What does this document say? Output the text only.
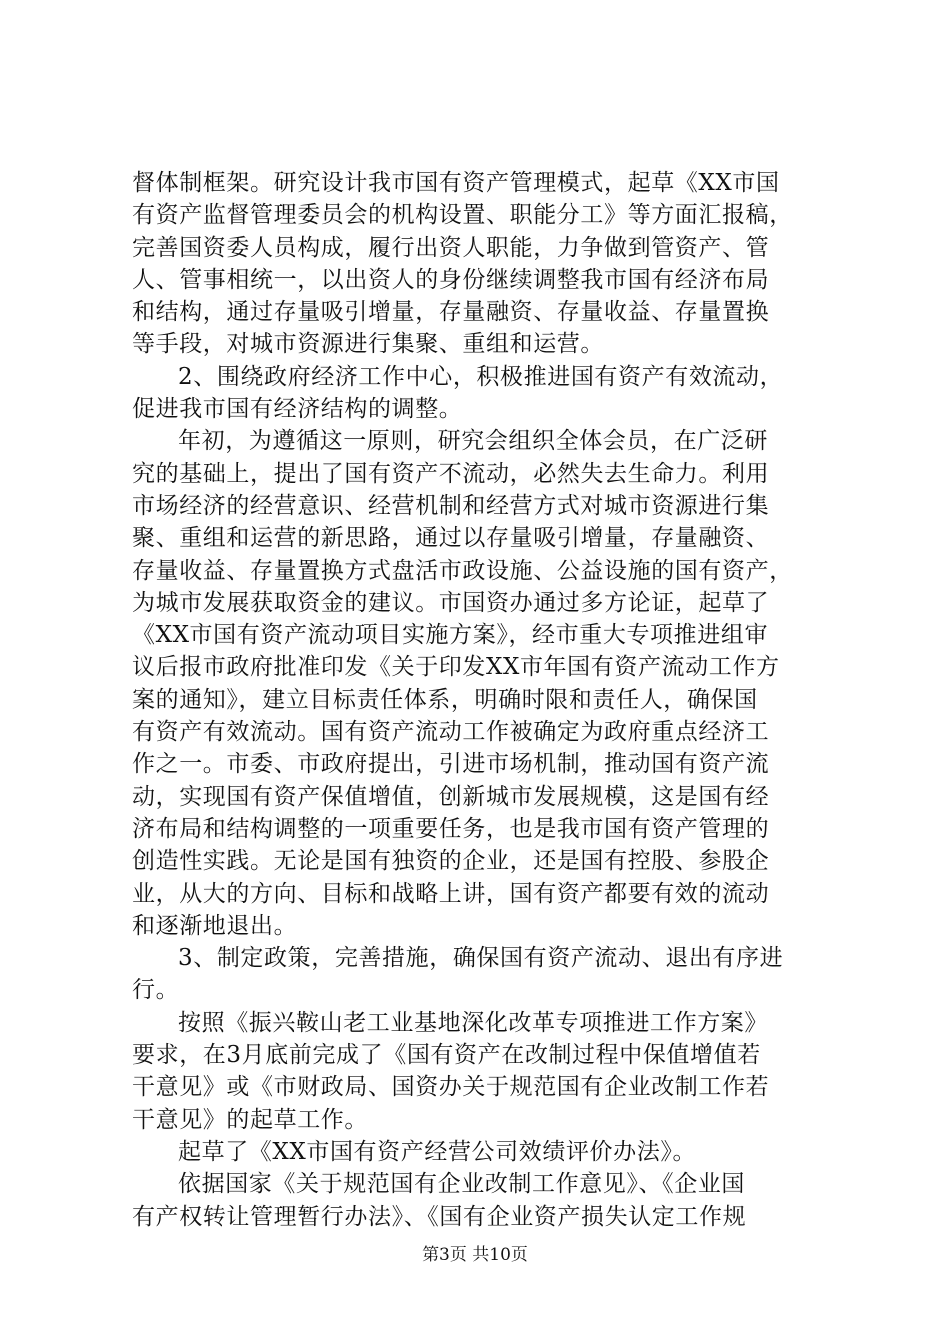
督体制框架。研究设计我市国有资产管理模式，起草《XX市国
有资产监督管理委员会的机构设置、职能分工》等方面汇报稿，
完善国资委人员构成，履行出资人职能，力争做到管资产、管
人、管事相统一，以出资人的身份继续调整我市国有经济布局
和结构，通过存量吸引增量，存量融资、存量收益、存量置换
等手段，对城市资源进行集聚、重组和运营。
2、围绕政府经济工作中心，积极推进国有资产有效流动，
促进我市国有经济结构的调整。
年初，为遵循这一原则，研究会组织全体会员，在广泛研
究的基础上，提出了国有资产不流动，必然失去生命力。利用
市场经济的经营意识、经营机制和经营方式对城市资源进行集
聚、重组和运营的新思路，通过以存量吸引增量，存量融资、
存量收益、存量置换方式盘活市政设施、公益设施的国有资产，
为城市发展获取资金的建议。市国资办通过多方论证，起草了
《XX市国有资产流动项目实施方案》，经市重大专项推进组审
议后报市政府批准印发《关于印发XX市年国有资产流动工作方
案的通知》，建立目标责任体系，明确时限和责任人，确保国
有资产有效流动。国有资产流动工作被确定为政府重点经济工
作之一。市委、市政府提出，引进市场机制，推动国有资产流
动，实现国有资产保值增值，创新城市发展规模，这是国有经
济布局和结构调整的一项重要任务，也是我市国有资产管理的
创造性实践。无论是国有独资的企业，还是国有控股、参股企
业，从大的方向、目标和战略上讲，国有资产都要有效的流动
和逐渐地退出。
3、制定政策，完善措施，确保国有资产流动、退出有序进
行。
按照《振兴鞍山老工业基地深化改革专项推进工作方案》
要求，在3月底前完成了《国有资产在改制过程中保值增值若
干意见》或《市财政局、国资办关于规范国有企业改制工作若
干意见》的起草工作。
起草了《XX市国有资产经营公司效绩评价办法》。
依据国家《关于规范国有企业改制工作意见》、《企业国
有产权转让管理暂行办法》、《国有企业资产损失认定工作规
第3页 共10页
